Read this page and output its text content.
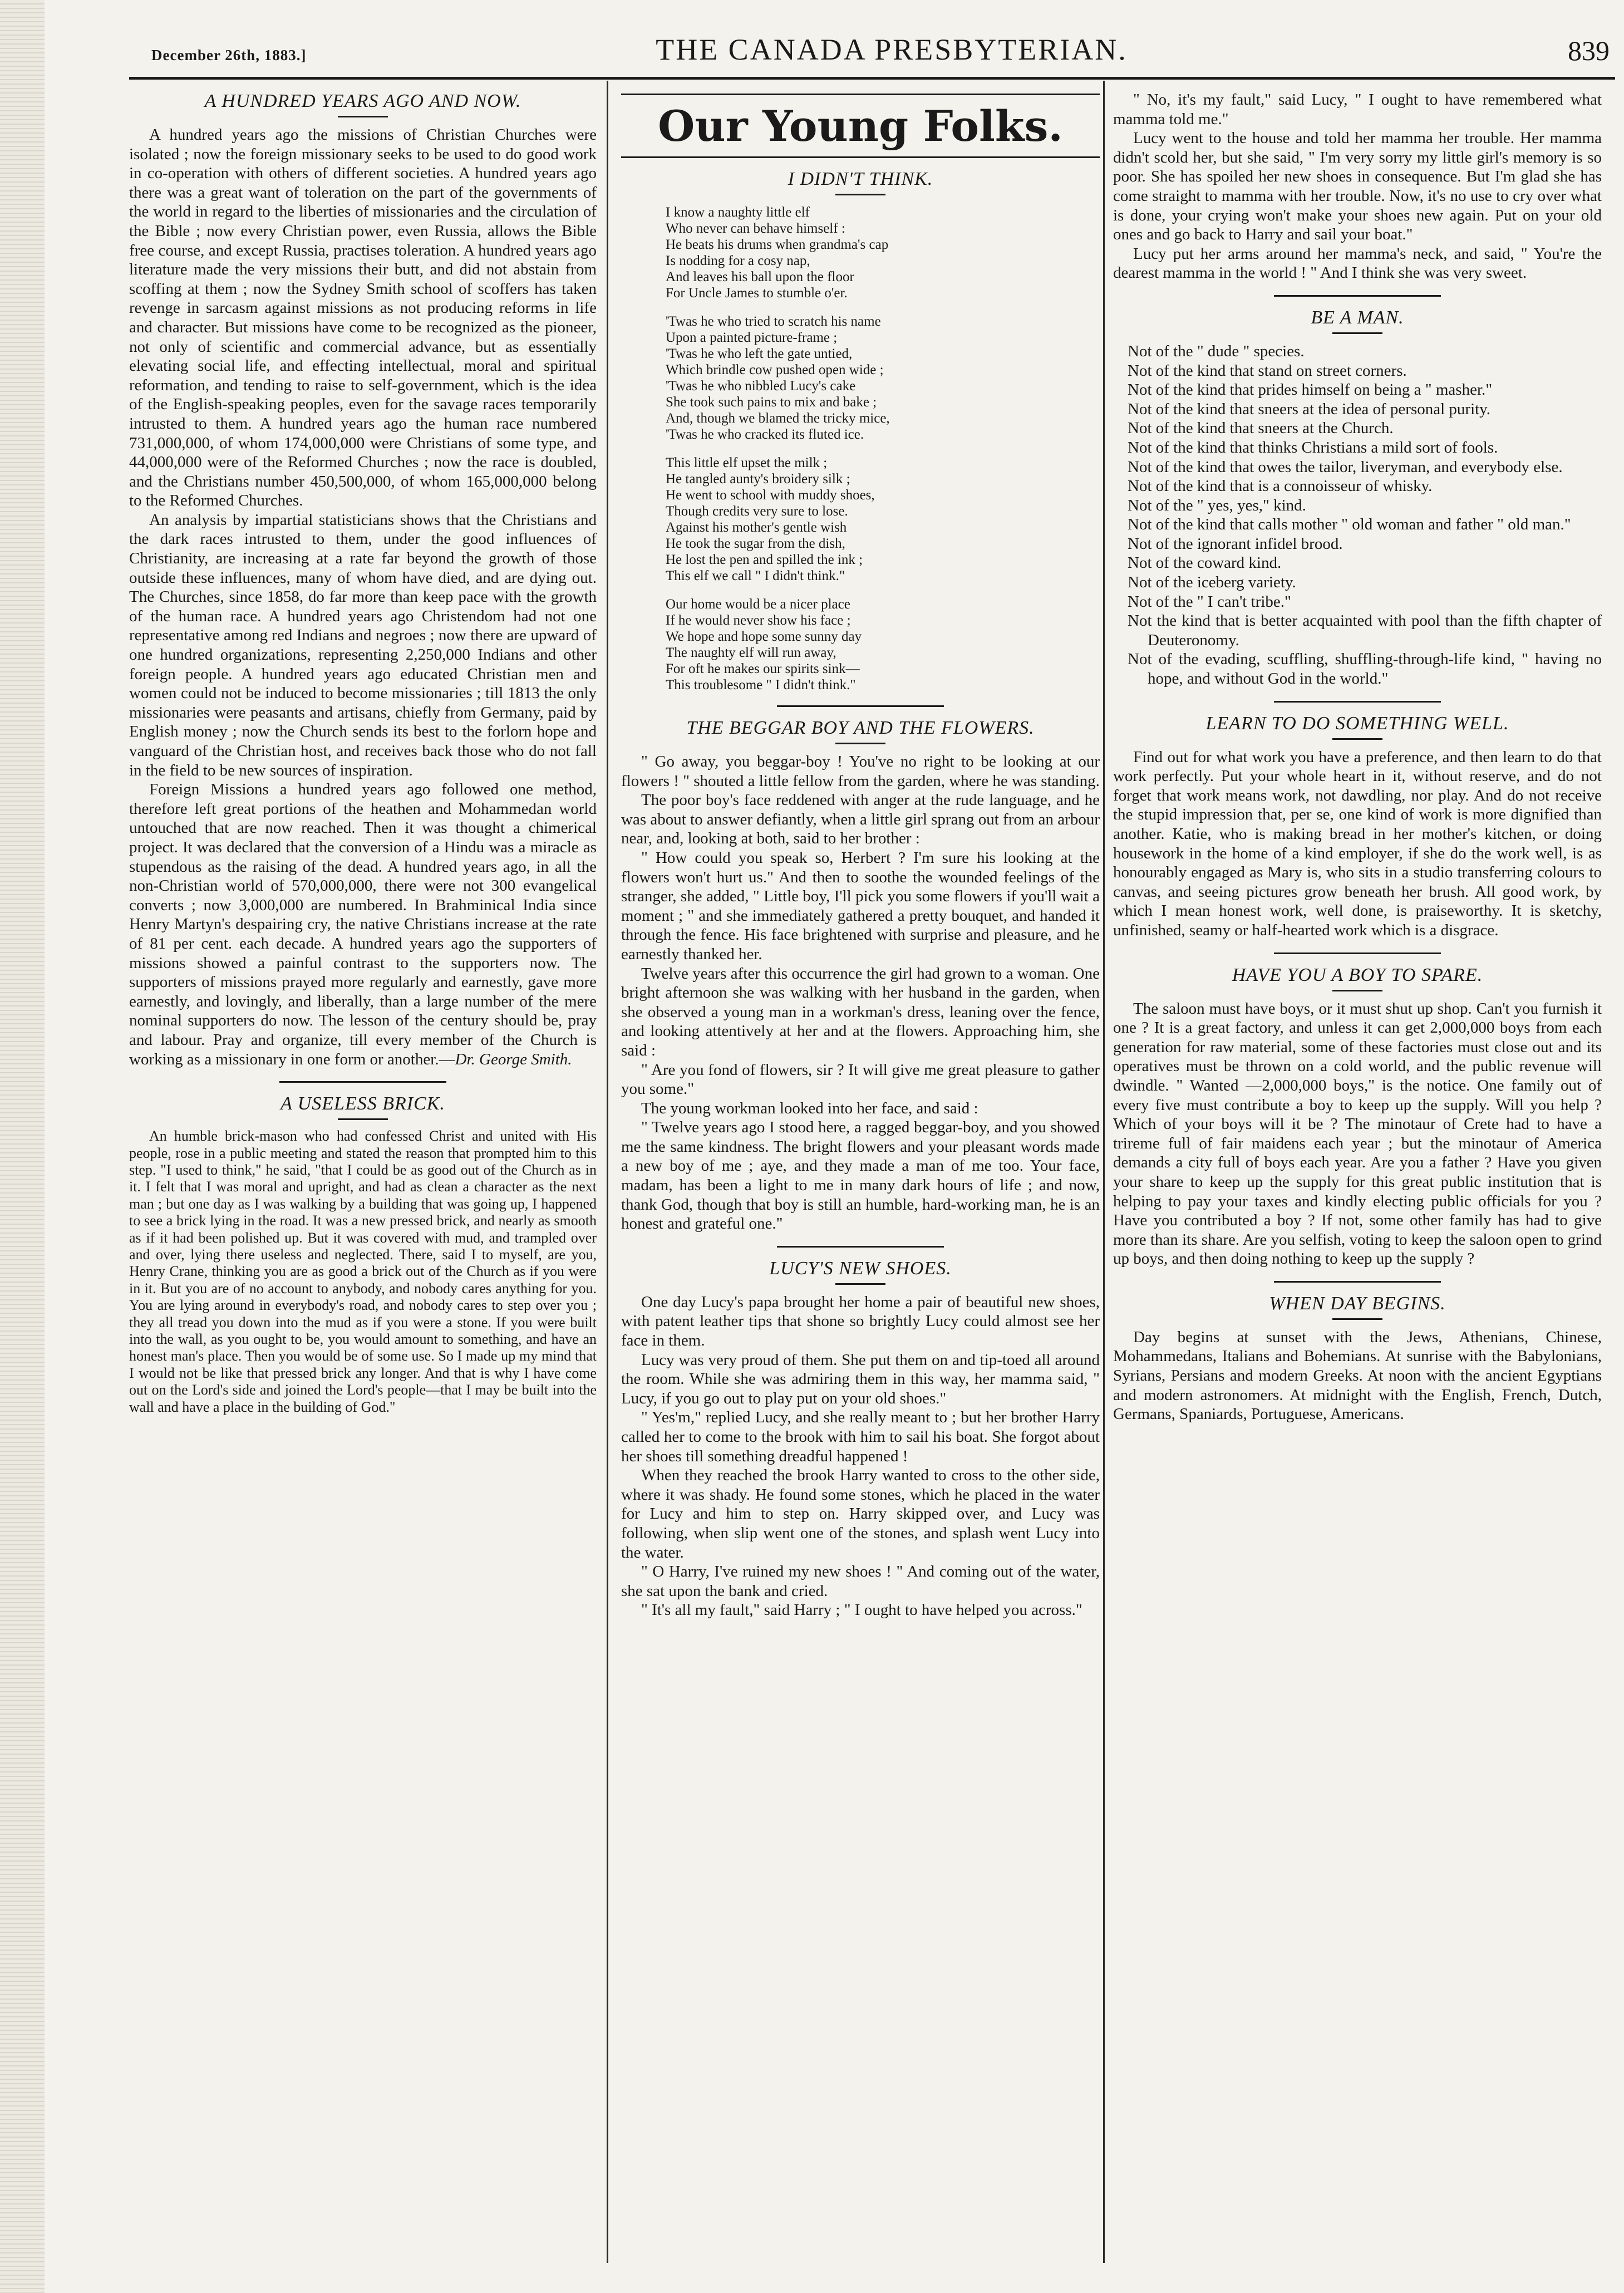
December 26th, 1883.]	THE CANADA PRESBYTERIAN.	839
A HUNDRED YEARS AGO AND NOW.

A hundred years ago the missions of Christian Churches were isolated ; now the foreign missionary seeks to be used to do good work in co-operation with others of different societies. A hundred years ago there was a great want of toleration on the part of the governments of the world in regard to the liberties of missionaries and the circulation of the Bible ; now every Christian power, even Russia, allows the Bible free course, and except Russia, practises toleration. A hundred years ago literature made the very missions their butt, and did not abstain from scoffing at them ; now the Sydney Smith school of scoffers has taken revenge in sarcasm against missions as not producing reforms in life and character. But missions have come to be recognized as the pioneer, not only of scientific and commercial advance, but as essentially elevating social life, and effecting intellectual, moral and spiritual reformation, and tending to raise to self-government, which is the idea of the English-speaking peoples, even for the savage races temporarily intrusted to them. A hundred years ago the human race numbered 731,000,000, of whom 174,000,000 were Christians of some type, and 44,000,000 were of the Reformed Churches ; now the race is doubled, and the Christians number 450,500,000, of whom 165,000,000 belong to the Reformed Churches.

An analysis by impartial statisticians shows that the Christians and the dark races intrusted to them, under the good influences of Christianity, are increasing at a rate far beyond the growth of those outside these influences, many of whom have died, and are dying out. The Churches, since 1858, do far more than keep pace with the growth of the human race. A hundred years ago Christendom had not one representative among red Indians and negroes ; now there are upward of one hundred organizations, representing 2,250,000 Indians and other foreign people. A hundred years ago educated Christian men and women could not be induced to become missionaries ; till 1813 the only missionaries were peasants and artisans, chiefly from Germany, paid by English money ; now the Church sends its best to the forlorn hope and vanguard of the Christian host, and receives back those who do not fall in the field to be new sources of inspiration.

Foreign Missions a hundred years ago followed one method, therefore left great portions of the heathen and Mohammedan world untouched that are now reached. Then it was thought a chimerical project. It was declared that the conversion of a Hindu was a miracle as stupendous as the raising of the dead. A hundred years ago, in all the non-Christian world of 570,000,000, there were not 300 evangelical converts ; now 3,000,000 are numbered. In Brahminical India since Henry Martyn's despairing cry, the native Christians increase at the rate of 81 per cent. each decade. A hundred years ago the supporters of missions showed a painful contrast to the supporters now. The supporters of missions prayed more regularly and earnestly, gave more earnestly, and lovingly, and liberally, than a large number of the mere nominal supporters do now. The lesson of the century should be, pray and labour. Pray and organize, till every member of the Church is working as a missionary in one form or another.—Dr. George Smith.

A USELESS BRICK.

An humble brick-mason who had confessed Christ and united with His people, rose in a public meeting and stated the reason that prompted him to this step. "I used to think," he said, "that I could be as good out of the Church as in it. I felt that I was moral and upright, and had as clean a character as the next man ; but one day as I was walking by a building that was going up, I happened to see a brick lying in the road. It was a new pressed brick, and nearly as smooth as if it had been polished up. But it was covered with mud, and trampled over and over, lying there useless and neglected. There, said I to myself, are you, Henry Crane, thinking you are as good a brick out of the Church as if you were in it. But you are of no account to anybody, and nobody cares anything for you. You are lying around in everybody's road, and nobody cares to step over you ; they all tread you down into the mud as if you were a stone. If you were built into the wall, as you ought to be, you would amount to something, and have an honest man's place. Then you would be of some use. So I made up my mind that I would not be like that pressed brick any longer. And that is why I have come out on the Lord's side and joined the Lord's people—that I may be built into the wall and have a place in the building of God."

Our Young Folks.
I DIDN'T THINK.
I know a naughty little elf
Who never can behave himself :
He beats his drums when grandma's cap
Is nodding for a cosy nap,
And leaves his ball upon the floor
For Uncle James to stumble o'er.
'Twas he who tried to scratch his name
Upon a painted picture-frame ;
'Twas he who left the gate untied,
Which brindle cow pushed open wide ;
'Twas he who nibbled Lucy's cake
She took such pains to mix and bake ;
And, though we blamed the tricky mice,
'Twas he who cracked its fluted ice.
This little elf upset the milk ;
He tangled aunty's broidery silk ;
He went to school with muddy shoes,
Though credits very sure to lose.
Against his mother's gentle wish
He took the sugar from the dish,
He lost the pen and spilled the ink ;
This elf we call " I didn't think."
Our home would be a nicer place
If he would never show his face ;
We hope and hope some sunny day
The naughty elf will run away,
For oft he makes our spirits sink—
This troublesome " I didn't think."
THE BEGGAR BOY AND THE FLOWERS.

" Go away, you beggar-boy ! You've no right to be looking at our flowers ! " shouted a little fellow from the garden, where he was standing.

The poor boy's face reddened with anger at the rude language, and he was about to answer defiantly, when a little girl sprang out from an arbour near, and, looking at both, said to her brother :

" How could you speak so, Herbert ? I'm sure his looking at the flowers won't hurt us." And then to soothe the wounded feelings of the stranger, she added, " Little boy, I'll pick you some flowers if you'll wait a moment ; " and she immediately gathered a pretty bouquet, and handed it through the fence. His face brightened with surprise and pleasure, and he earnestly thanked her.

Twelve years after this occurrence the girl had grown to a woman. One bright afternoon she was walking with her husband in the garden, when she observed a young man in a workman's dress, leaning over the fence, and looking attentively at her and at the flowers. Approaching him, she said :

" Are you fond of flowers, sir ? It will give me great pleasure to gather you some."

The young workman looked into her face, and said :

" Twelve years ago I stood here, a ragged beggar-boy, and you showed me the same kindness. The bright flowers and your pleasant words made a new boy of me ; aye, and they made a man of me too. Your face, madam, has been a light to me in many dark hours of life ; and now, thank God, though that boy is still an humble, hard-working man, he is an honest and grateful one."

LUCY'S NEW SHOES.

One day Lucy's papa brought her home a pair of beautiful new shoes, with patent leather tips that shone so brightly Lucy could almost see her face in them.

Lucy was very proud of them. She put them on and tip-toed all around the room. While she was admiring them in this way, her mamma said, " Lucy, if you go out to play put on your old shoes."

" Yes'm," replied Lucy, and she really meant to ; but her brother Harry called her to come to the brook with him to sail his boat. She forgot about her shoes till something dreadful happened !

When they reached the brook Harry wanted to cross to the other side, where it was shady. He found some stones, which he placed in the water for Lucy and him to step on. Harry skipped over, and Lucy was following, when slip went one of the stones, and splash went Lucy into the water.

" O Harry, I've ruined my new shoes ! " And coming out of the water, she sat upon the bank and cried.

" It's all my fault," said Harry ; " I ought to have helped you across."

" No, it's my fault," said Lucy, " I ought to have remembered what mamma told me."

Lucy went to the house and told her mamma her trouble. Her mamma didn't scold her, but she said, " I'm very sorry my little girl's memory is so poor. She has spoiled her new shoes in consequence. But I'm glad she has come straight to mamma with her trouble. Now, it's no use to cry over what is done, your crying won't make your shoes new again. Put on your old ones and go back to Harry and sail your boat."

Lucy put her arms around her mamma's neck, and said, " You're the dearest mamma in the world ! " And I think she was very sweet.

BE A MAN.

Not of the " dude " species.

Not of the kind that stand on street corners.

Not of the kind that prides himself on being a " masher."

Not of the kind that sneers at the idea of personal purity.

Not of the kind that sneers at the Church.

Not of the kind that thinks Christians a mild sort of fools.

Not of the kind that owes the tailor, liveryman, and everybody else.

Not of the kind that is a connoisseur of whisky.

Not of the " yes, yes," kind.

Not of the kind that calls mother " old woman and father " old man."

Not of the ignorant infidel brood.

Not of the coward kind.

Not of the iceberg variety.

Not of the " I can't tribe."

Not the kind that is better acquainted with pool than the fifth chapter of Deuteronomy.

Not of the evading, scuffling, shuffling-through-life kind, " having no hope, and without God in the world."

LEARN TO DO SOMETHING WELL.

Find out for what work you have a preference, and then learn to do that work perfectly. Put your whole heart in it, without reserve, and do not forget that work means work, not dawdling, nor play. And do not receive the stupid impression that, per se, one kind of work is more dignified than another. Katie, who is making bread in her mother's kitchen, or doing housework in the home of a kind employer, if she do the work well, is as honourably engaged as Mary is, who sits in a studio transferring colours to canvas, and seeing pictures grow beneath her brush. All good work, by which I mean honest work, well done, is praiseworthy. It is sketchy, unfinished, seamy or half-hearted work which is a disgrace.

HAVE YOU A BOY TO SPARE.

The saloon must have boys, or it must shut up shop. Can't you furnish it one ? It is a great factory, and unless it can get 2,000,000 boys from each generation for raw material, some of these factories must close out and its operatives must be thrown on a cold world, and the public revenue will dwindle. " Wanted —2,000,000 boys," is the notice. One family out of every five must contribute a boy to keep up the supply. Will you help ? Which of your boys will it be ? The minotaur of Crete had to have a trireme full of fair maidens each year ; but the minotaur of America demands a city full of boys each year. Are you a father ? Have you given your share to keep up the supply for this great public institution that is helping to pay your taxes and kindly electing public officials for you ? Have you contributed a boy ? If not, some other family has had to give more than its share. Are you selfish, voting to keep the saloon open to grind up boys, and then doing nothing to keep up the supply ?

WHEN DAY BEGINS.

Day begins at sunset with the Jews, Athenians, Chinese, Mohammedans, Italians and Bohemians. At sunrise with the Babylonians, Syrians, Persians and modern Greeks. At noon with the ancient Egyptians and modern astronomers. At midnight with the English, French, Dutch, Germans, Spaniards, Portuguese, Americans.
